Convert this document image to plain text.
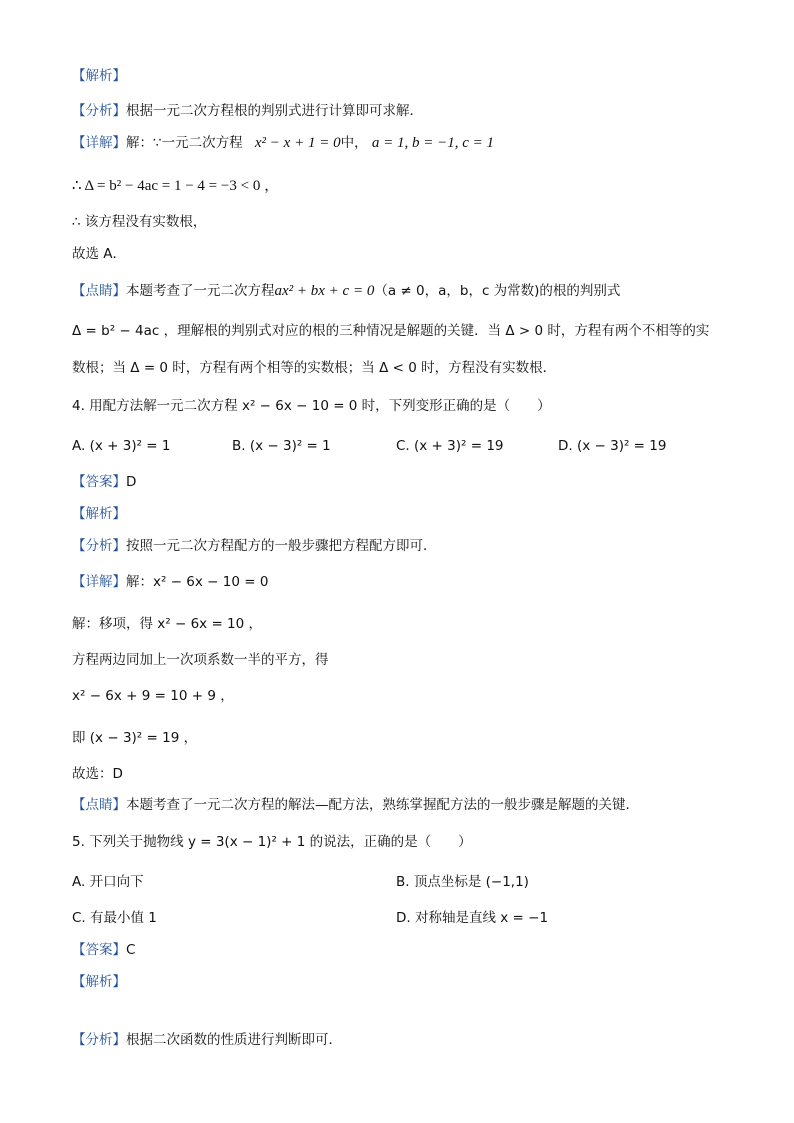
【解析】
【分析】根据一元二次方程根的判别式进行计算即可求解．
【详解】解：∵一元二次方程 x² − x + 1 = 0中， a = 1, b = −1, c = 1
∴ Δ = b² − 4ac = 1 − 4 = −3 < 0 ，
∴ 该方程没有实数根，
故选 A．
【点睛】本题考查了一元二次方程ax² + bx + c = 0（a ≠ 0，a，b，c 为常数)的根的判别式
Δ = b² − 4ac ，理解根的判别式对应的根的三种情况是解题的关键．当 Δ > 0 时，方程有两个不相等的实
数根；当 Δ = 0 时，方程有两个相等的实数根；当 Δ < 0 时，方程没有实数根．
4. 用配方法解一元二次方程 x² − 6x − 10 = 0 时，下列变形正确的是（　　）
A. (x + 3)² = 1	B. (x − 3)² = 1	C. (x + 3)² = 19	D. (x − 3)² = 19
【答案】D
【解析】
【分析】按照一元二次方程配方的一般步骤把方程配方即可．
【详解】解：x² − 6x − 10 = 0
解：移项，得 x² − 6x = 10 ，
方程两边同加上一次项系数一半的平方，得
x² − 6x + 9 = 10 + 9 ，
即 (x − 3)² = 19 ，
故选：D
【点睛】本题考查了一元二次方程的解法—配方法，熟练掌握配方法的一般步骤是解题的关键．
5. 下列关于抛物线 y = 3(x − 1)² + 1 的说法，正确的是（　　）
A. 开口向下	B. 顶点坐标是 (−1,1)
C. 有最小值 1	D. 对称轴是直线 x = −1
【答案】C
【解析】
【分析】根据二次函数的性质进行判断即可．
